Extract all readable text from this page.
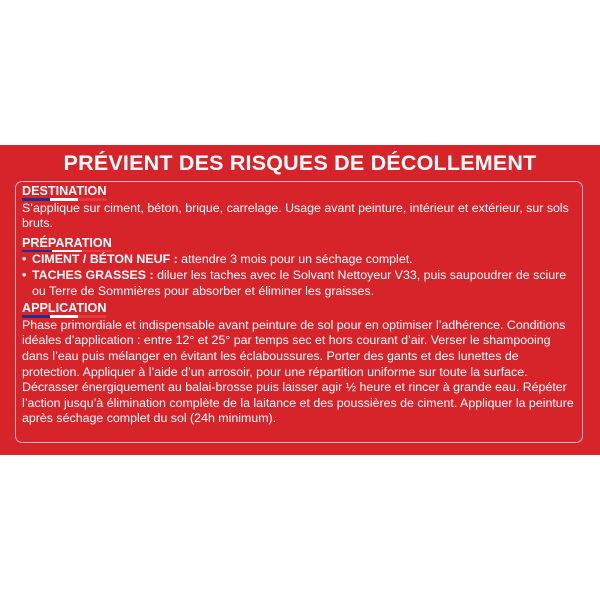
PRÉVIENT DES RISQUES DE DÉCOLLEMENT
DESTINATION

S’applique sur ciment, béton, brique, carrelage. Usage avant peinture, intérieur et extérieur, sur sols bruts.

PRÉPARATION
• CIMENT / BÉTON NEUF : attendre 3 mois pour un séchage complet.
• TACHES GRASSES : diluer les taches avec le Solvant Nettoyeur V33, puis saupoudrer de sciure ou Terre de Sommières pour absorber et éliminer les graisses.
APPLICATION

Phase primordiale et indispensable avant peinture de sol pour en optimiser l’adhérence. Conditions idéales d’application : entre 12° et 25° par temps sec et hors courant d’air. Verser le shampooing dans l’eau puis mélanger en évitant les éclaboussures. Porter des gants et des lunettes de protection. Appliquer à l’aide d’un arrosoir, pour une répartition uniforme sur toute la surface. Décrasser énergiquement au balai-brosse puis laisser agir ½ heure et rincer à grande eau. Répéter l’action jusqu’à élimination complète de la laitance et des poussières de ciment. Appliquer la peinture après séchage complet du sol (24h minimum).
